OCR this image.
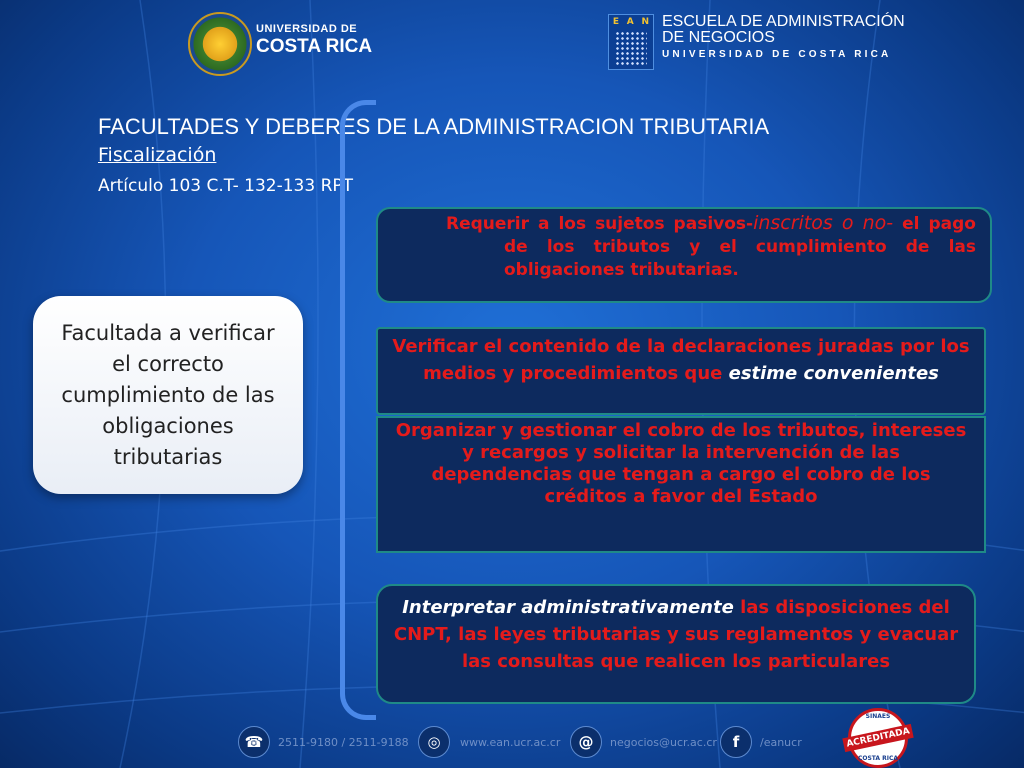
UNIVERSIDAD DE
COSTA RICA
E A N ESCUELA DE ADMINISTRACIÓN
DE NEGOCIOS
UNIVERSIDAD DE COSTA RICA
FACULTADES Y DEBERES DE LA ADMINISTRACION TRIBUTARIA
Fiscalización
Artículo 103 C.T- 132-133 RPT
Facultada a verificar el correcto cumplimiento de las obligaciones tributarias

Requerir a los sujetos pasivos-inscritos o no- el pago de los tributos y el cumplimiento de las obligaciones tributarias.

Verificar el contenido de la declaraciones juradas por los medios y procedimientos que estime convenientes

Organizar y gestionar el cobro de los tributos, intereses y recargos y solicitar la intervención de las dependencias que tengan a cargo el cobro de los créditos a favor del Estado

Interpretar administrativamente las disposiciones del CNPT, las leyes tributarias y sus reglamentos y evacuar las consultas que realicen los particulares

☎	2511-9180 / 2511-9188	◎	www.ean.ucr.ac.cr	@	negocios@ucr.ac.cr	f	/eanucr
SINAES
ACREDITADA
COSTA RICA
